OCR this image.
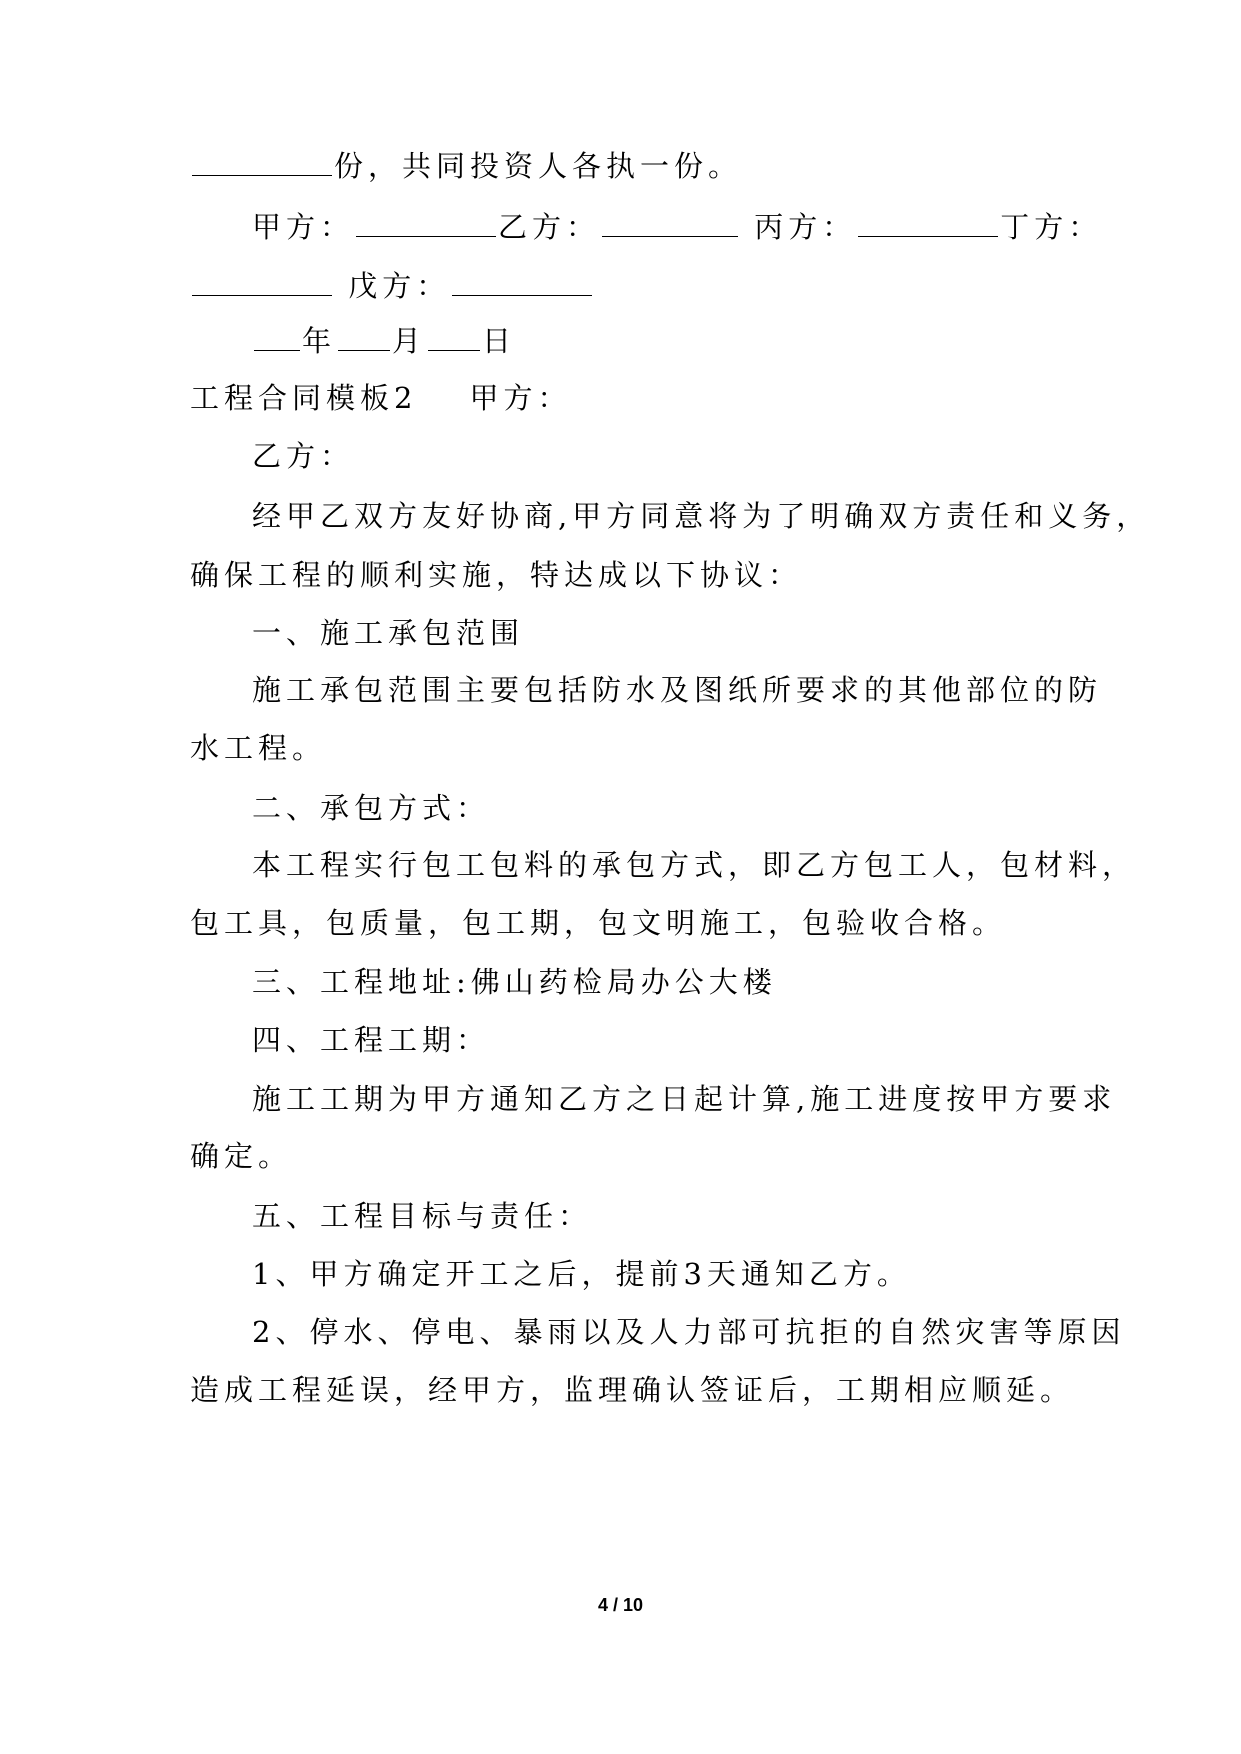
份，共同投资人各执一份。
甲方：	乙方：	丙方：	丁方：
戊方：
年 月 日
工程合同模板2 甲方：
乙方：
经甲乙双方友好协商,甲方同意将为了明确双方责任和义务，
确保工程的顺利实施，特达成以下协议：
一、施工承包范围
施工承包范围主要包括防水及图纸所要求的其他部位的防
水工程。
二、承包方式：
本工程实行包工包料的承包方式，即乙方包工人，包材料，
包工具，包质量，包工期，包文明施工，包验收合格。
三、工程地址:佛山药检局办公大楼
四、工程工期：
施工工期为甲方通知乙方之日起计算,施工进度按甲方要求
确定。
五、工程目标与责任：
1、甲方确定开工之后，提前3天通知乙方。
2、停水、停电、暴雨以及人力部可抗拒的自然灾害等原因
造成工程延误，经甲方，监理确认签证后，工期相应顺延。
4 / 10
